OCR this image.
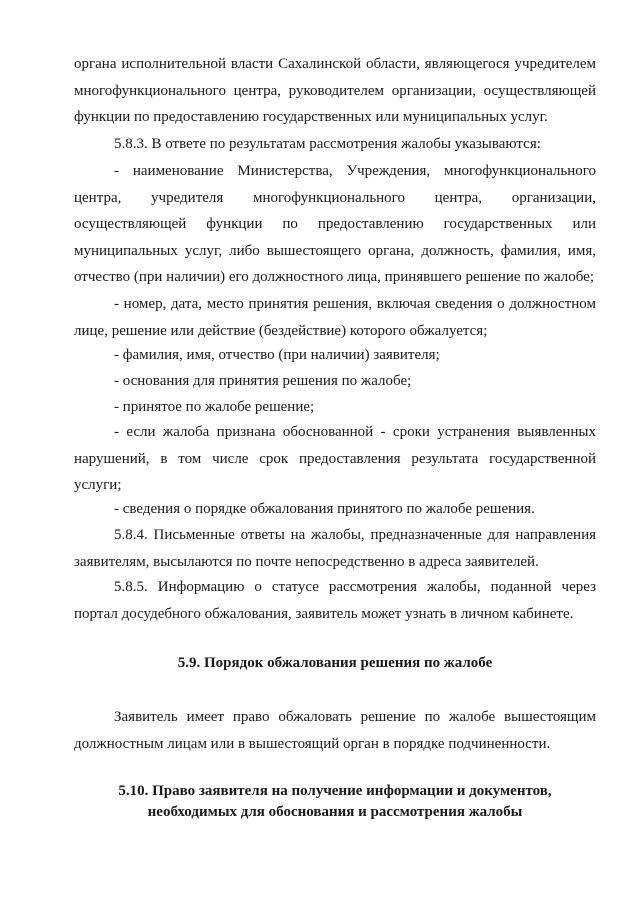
органа исполнительной власти Сахалинской области, являющегося учредителем многофункционального центра, руководителем организации, осуществляющей функции по предоставлению государственных или муниципальных услуг.

5.8.3. В ответе по результатам рассмотрения жалобы указываются:

- наименование Министерства, Учреждения, многофункционального центра, учредителя многофункционального центра, организации, осуществляющей функции по предоставлению государственных или муниципальных услуг, либо вышестоящего органа, должность, фамилия, имя, отчество (при наличии) его должностного лица, принявшего решение по жалобе;

- номер, дата, место принятия решения, включая сведения о должностном лице, решение или действие (бездействие) которого обжалуется;

- фамилия, имя, отчество (при наличии) заявителя;

- основания для принятия решения по жалобе;

- принятое по жалобе решение;

- если жалоба признана обоснованной - сроки устранения выявленных нарушений, в том числе срок предоставления результата государственной услуги;

- сведения о порядке обжалования принятого по жалобе решения.

5.8.4. Письменные ответы на жалобы, предназначенные для направления заявителям, высылаются по почте непосредственно в адреса заявителей.

5.8.5. Информацию о статусе рассмотрения жалобы, поданной через портал досудебного обжалования, заявитель может узнать в личном кабинете.

5.9. Порядок обжалования решения по жалобе

Заявитель имеет право обжаловать решение по жалобе вышестоящим должностным лицам или в вышестоящий орган в порядке подчиненности.

5.10. Право заявителя на получение информации и документов,
необходимых для обоснования и рассмотрения жалобы
